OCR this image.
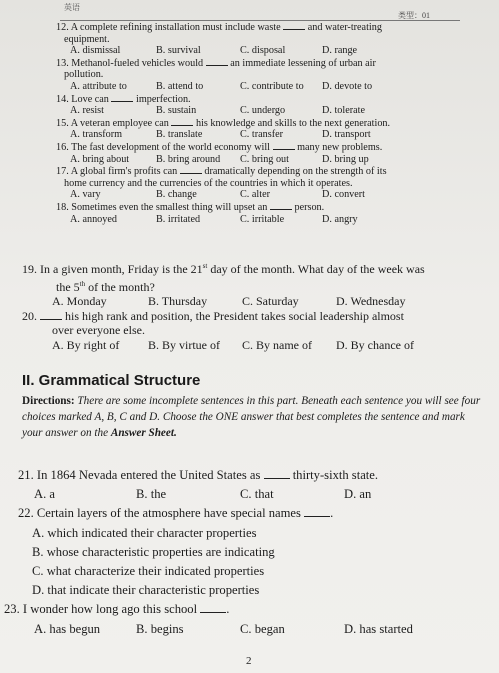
英语
类型：01
12. A complete refining installation must include waste	and water-treating
equipment.
A. dismissal	B. survival	C. disposal	D. range
13. Methanol-fueled vehicles would	an immediate lessening of urban air
pollution.
A. attribute to	B. attend to	C. contribute to	D. devote to
14. Love can	imperfection.
A. resist	B. sustain	C. undergo	D. tolerate
15. A veteran employee can	his knowledge and skills to the next generation.
A. transform	B. translate	C. transfer	D. transport
16. The fast development of the world economy will	many new problems.
A. bring about	B. bring around	C. bring out	D. bring up
17. A global firm's profits can	dramatically depending on the strength of its
home currency and the currencies of the countries in which it operates.
A. vary	B. change	C. alter	D. convert
18. Sometimes even the smallest thing will upset an	person.
A. annoyed	B. irritated	C. irritable	D. angry
19. In a given month, Friday is the 21st day of the month. What day of the week was
the 5th of the month?
A. Monday	B. Thursday	C. Saturday	D. Wednesday
20. his high rank and position, the President takes social leadership almost
over everyone else.
A. By right of	B. By virtue of	C. By name of	D. By chance of
II. Grammatical Structure
Directions: There are some incomplete sentences in this part. Beneath each sentence you will see four choices marked A, B, C and D. Choose the ONE answer that best completes the sentence and mark your answer on the Answer Sheet.
21. In 1864 Nevada entered the United States as	thirty-sixth state.
A. a	B. the	C. that	D. an
22. Certain layers of the atmosphere have special names .
A. which indicated their character properties
B. whose characteristic properties are indicating
C. what characterize their indicated properties
D. that indicate their characteristic properties
23. I wonder how long ago this school .
A. has begun	B. begins	C. began	D. has started
2
